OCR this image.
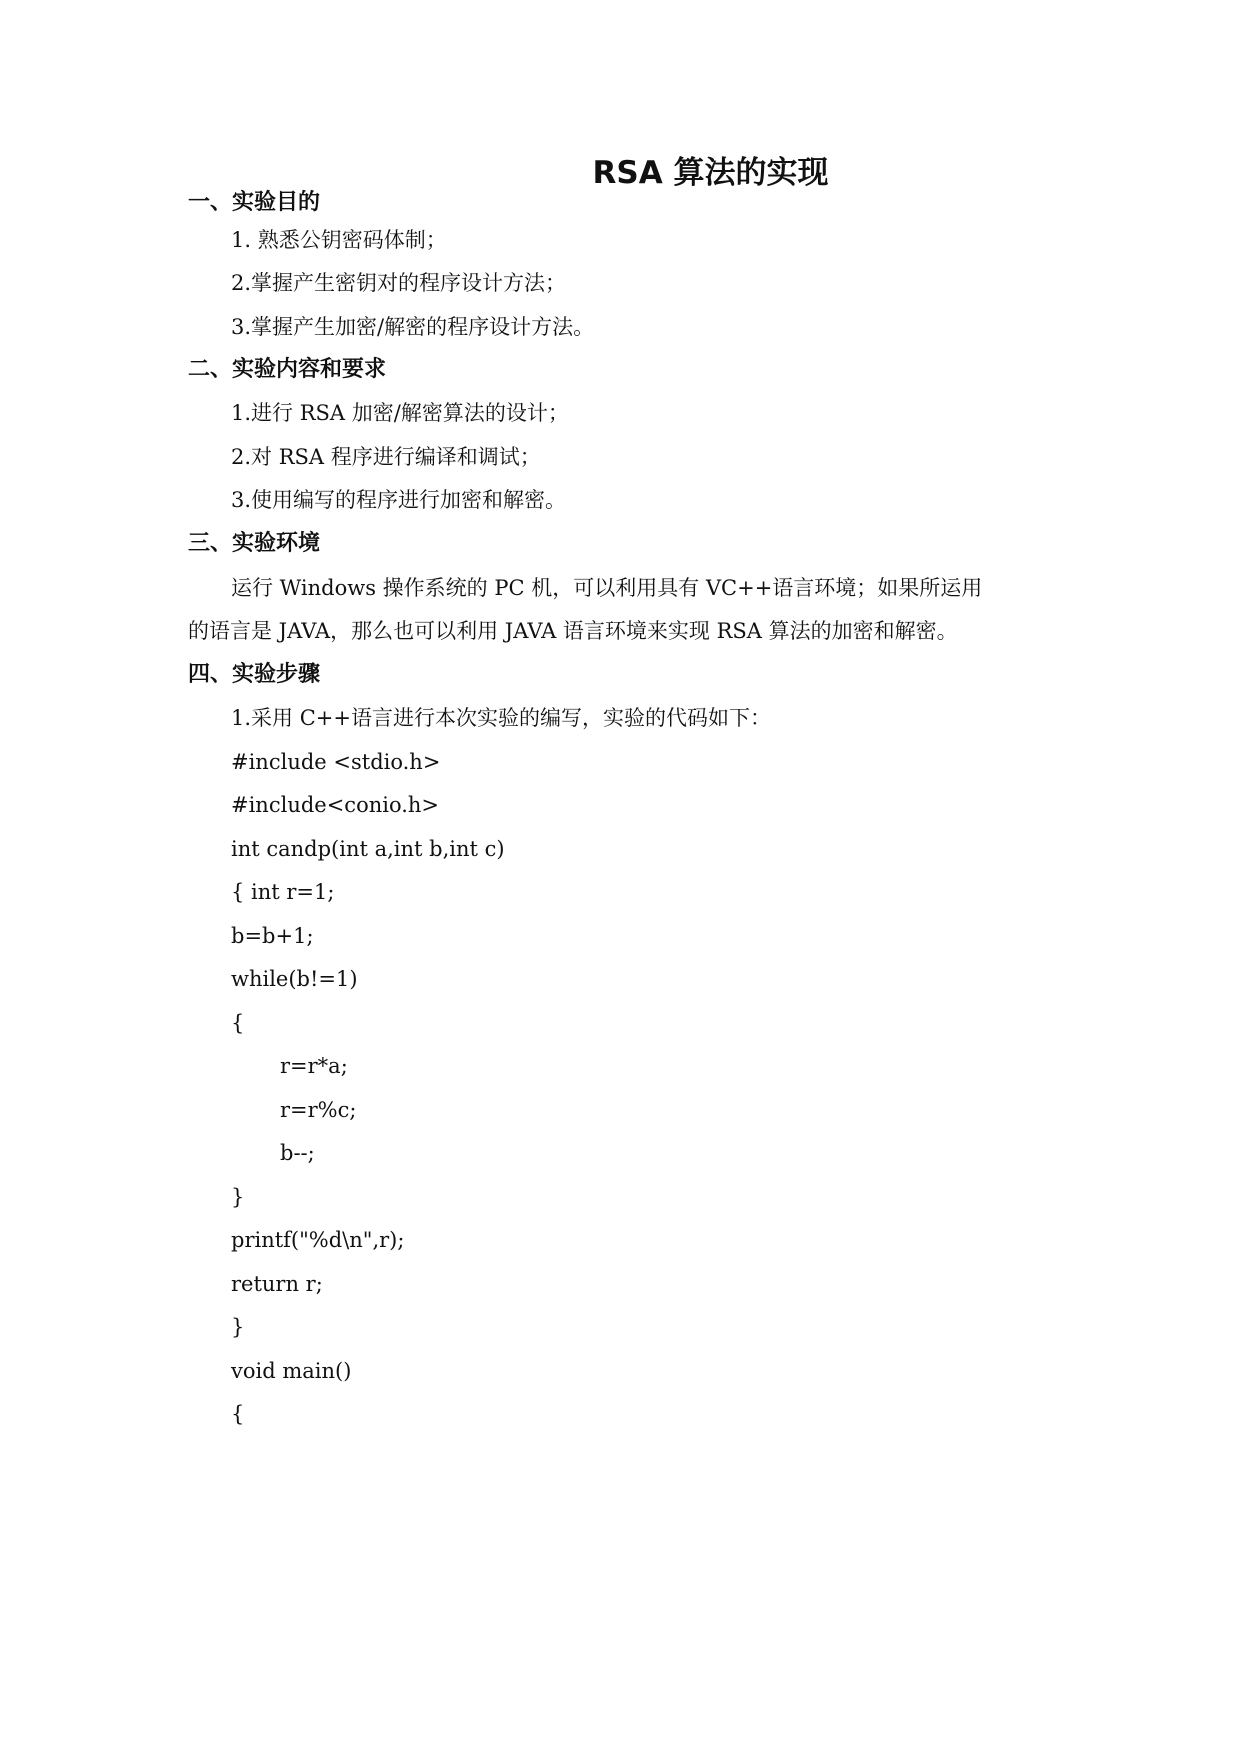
RSA 算法的实现
一、实验目的
1. 熟悉公钥密码体制；
2.掌握产生密钥对的程序设计方法；
3.掌握产生加密/解密的程序设计方法。
二、实验内容和要求
1.进行 RSA 加密/解密算法的设计；
2.对 RSA 程序进行编译和调试；
3.使用编写的程序进行加密和解密。
三、实验环境
运行 Windows 操作系统的 PC 机，可以利用具有 VC++语言环境；如果所运用
的语言是 JAVA，那么也可以利用 JAVA 语言环境来实现 RSA 算法的加密和解密。
四、实验步骤
1.采用 C++语言进行本次实验的编写，实验的代码如下：
#include <stdio.h>
#include<conio.h>
int candp(int a,int b,int c)
{ int r=1;
b=b+1;
while(b!=1)
{
r=r*a;
r=r%c;
b--;
}
printf("%d\n",r);
return r;
}
void main()
{
